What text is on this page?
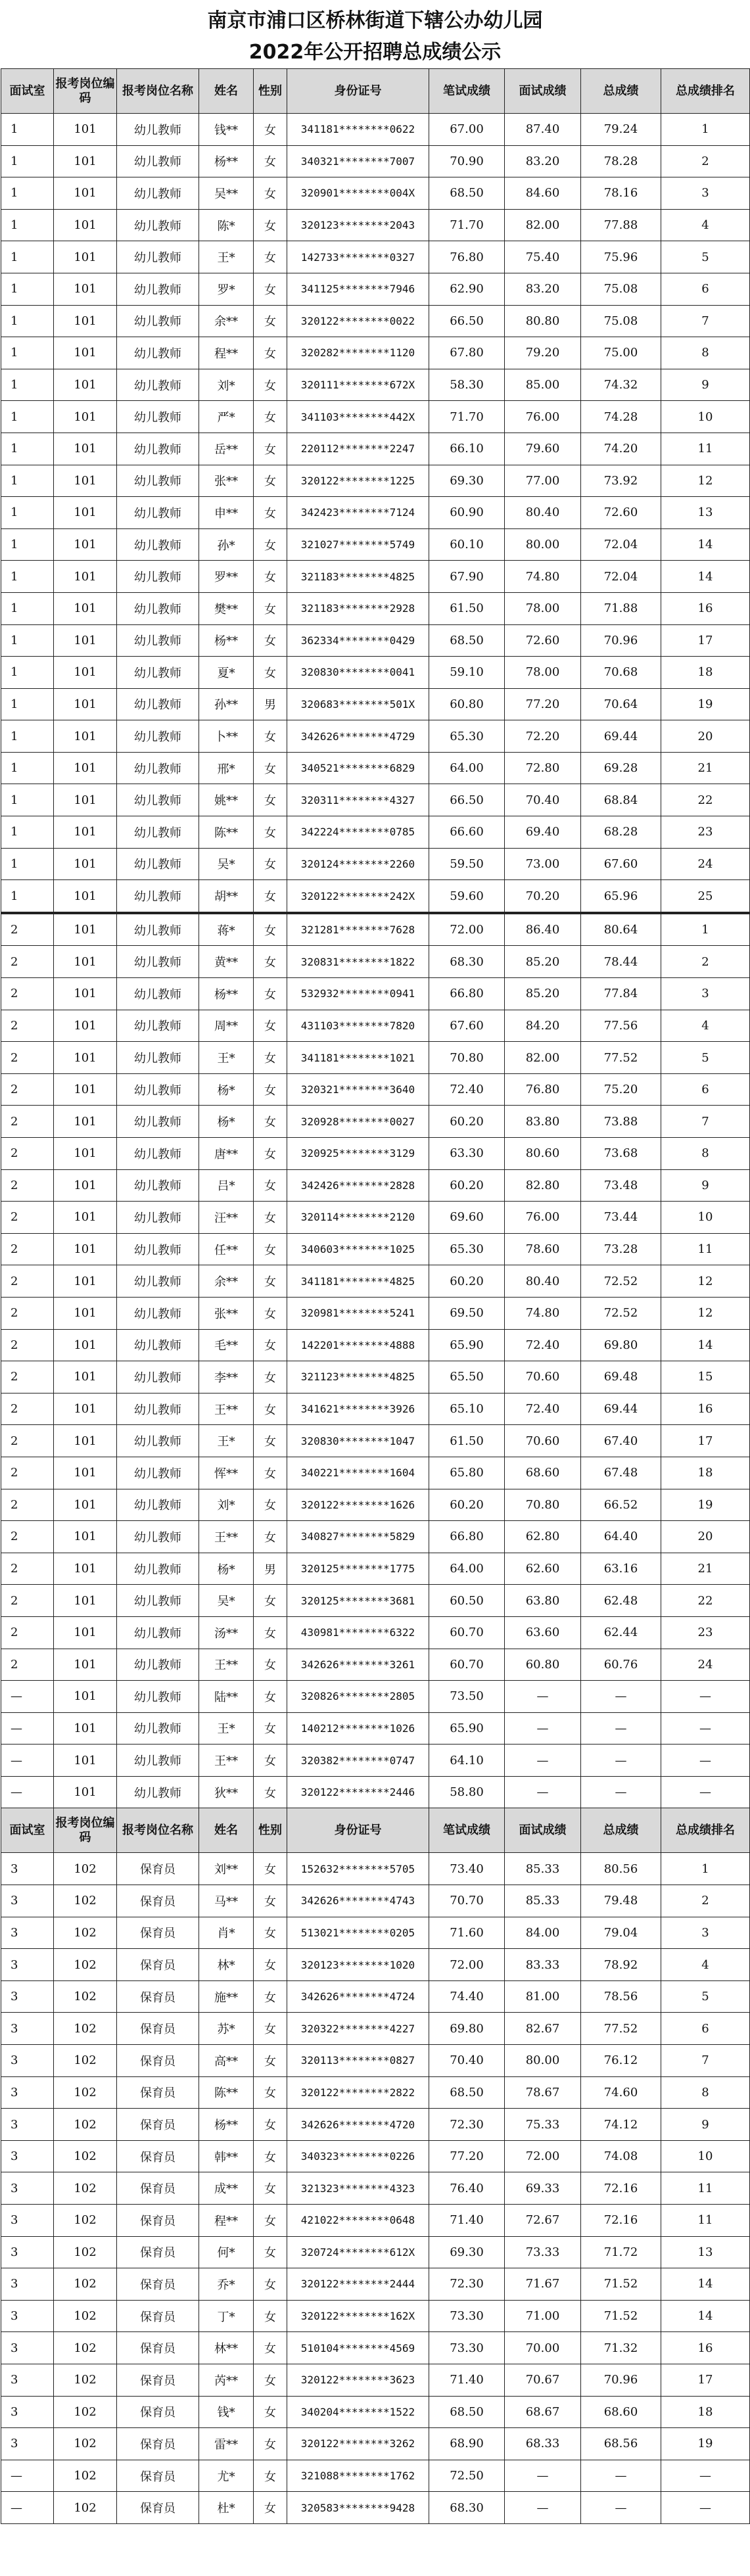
南京市浦口区桥林街道下辖公办幼儿园
2022年公开招聘总成绩公示
面试室	报考岗位编码	报考岗位名称	姓名	性别	身份证号	笔试成绩	面试成绩	总成绩	总成绩排名
1	101	幼儿教师	钱**	女	341181********0622	67.00	87.40	79.24	1
1	101	幼儿教师	杨**	女	340321********7007	70.90	83.20	78.28	2
1	101	幼儿教师	吴**	女	320901********004X	68.50	84.60	78.16	3
1	101	幼儿教师	陈*	女	320123********2043	71.70	82.00	77.88	4
1	101	幼儿教师	王*	女	142733********0327	76.80	75.40	75.96	5
1	101	幼儿教师	罗*	女	341125********7946	62.90	83.20	75.08	6
1	101	幼儿教师	余**	女	320122********0022	66.50	80.80	75.08	7
1	101	幼儿教师	程**	女	320282********1120	67.80	79.20	75.00	8
1	101	幼儿教师	刘*	女	320111********672X	58.30	85.00	74.32	9
1	101	幼儿教师	严*	女	341103********442X	71.70	76.00	74.28	10
1	101	幼儿教师	岳**	女	220112********2247	66.10	79.60	74.20	11
1	101	幼儿教师	张**	女	320122********1225	69.30	77.00	73.92	12
1	101	幼儿教师	申**	女	342423********7124	60.90	80.40	72.60	13
1	101	幼儿教师	孙*	女	321027********5749	60.10	80.00	72.04	14
1	101	幼儿教师	罗**	女	321183********4825	67.90	74.80	72.04	14
1	101	幼儿教师	樊**	女	321183********2928	61.50	78.00	71.88	16
1	101	幼儿教师	杨**	女	362334********0429	68.50	72.60	70.96	17
1	101	幼儿教师	夏*	女	320830********0041	59.10	78.00	70.68	18
1	101	幼儿教师	孙**	男	320683********501X	60.80	77.20	70.64	19
1	101	幼儿教师	卜**	女	342626********4729	65.30	72.20	69.44	20
1	101	幼儿教师	邢*	女	340521********6829	64.00	72.80	69.28	21
1	101	幼儿教师	姚**	女	320311********4327	66.50	70.40	68.84	22
1	101	幼儿教师	陈**	女	342224********0785	66.60	69.40	68.28	23
1	101	幼儿教师	吴*	女	320124********2260	59.50	73.00	67.60	24
1	101	幼儿教师	胡**	女	320122********242X	59.60	70.20	65.96	25
2	101	幼儿教师	蒋*	女	321281********7628	72.00	86.40	80.64	1
2	101	幼儿教师	黄**	女	320831********1822	68.30	85.20	78.44	2
2	101	幼儿教师	杨**	女	532932********0941	66.80	85.20	77.84	3
2	101	幼儿教师	周**	女	431103********7820	67.60	84.20	77.56	4
2	101	幼儿教师	王*	女	341181********1021	70.80	82.00	77.52	5
2	101	幼儿教师	杨*	女	320321********3640	72.40	76.80	75.20	6
2	101	幼儿教师	杨*	女	320928********0027	60.20	83.80	73.88	7
2	101	幼儿教师	唐**	女	320925********3129	63.30	80.60	73.68	8
2	101	幼儿教师	吕*	女	342426********2828	60.20	82.80	73.48	9
2	101	幼儿教师	汪**	女	320114********2120	69.60	76.00	73.44	10
2	101	幼儿教师	任**	女	340603********1025	65.30	78.60	73.28	11
2	101	幼儿教师	余**	女	341181********4825	60.20	80.40	72.52	12
2	101	幼儿教师	张**	女	320981********5241	69.50	74.80	72.52	12
2	101	幼儿教师	毛**	女	142201********4888	65.90	72.40	69.80	14
2	101	幼儿教师	李**	女	321123********4825	65.50	70.60	69.48	15
2	101	幼儿教师	王**	女	341621********3926	65.10	72.40	69.44	16
2	101	幼儿教师	王*	女	320830********1047	61.50	70.60	67.40	17
2	101	幼儿教师	恽**	女	340221********1604	65.80	68.60	67.48	18
2	101	幼儿教师	刘*	女	320122********1626	60.20	70.80	66.52	19
2	101	幼儿教师	王**	女	340827********5829	66.80	62.80	64.40	20
2	101	幼儿教师	杨*	男	320125********1775	64.00	62.60	63.16	21
2	101	幼儿教师	吴*	女	320125********3681	60.50	63.80	62.48	22
2	101	幼儿教师	汤**	女	430981********6322	60.70	63.60	62.44	23
2	101	幼儿教师	王**	女	342626********3261	60.70	60.80	60.76	24
—	101	幼儿教师	陆**	女	320826********2805	73.50	—	—	—
—	101	幼儿教师	王*	女	140212********1026	65.90	—	—	—
—	101	幼儿教师	王**	女	320382********0747	64.10	—	—	—
—	101	幼儿教师	狄**	女	320122********2446	58.80	—	—	—
面试室	报考岗位编码	报考岗位名称	姓名	性别	身份证号	笔试成绩	面试成绩	总成绩	总成绩排名
3	102	保育员	刘**	女	152632********5705	73.40	85.33	80.56	1
3	102	保育员	马**	女	342626********4743	70.70	85.33	79.48	2
3	102	保育员	肖*	女	513021********0205	71.60	84.00	79.04	3
3	102	保育员	林*	女	320123********1020	72.00	83.33	78.92	4
3	102	保育员	施**	女	342626********4724	74.40	81.00	78.56	5
3	102	保育员	苏*	女	320322********4227	69.80	82.67	77.52	6
3	102	保育员	高**	女	320113********0827	70.40	80.00	76.12	7
3	102	保育员	陈**	女	320122********2822	68.50	78.67	74.60	8
3	102	保育员	杨**	女	342626********4720	72.30	75.33	74.12	9
3	102	保育员	韩**	女	340323********0226	77.20	72.00	74.08	10
3	102	保育员	成**	女	321323********4323	76.40	69.33	72.16	11
3	102	保育员	程**	女	421022********0648	71.40	72.67	72.16	11
3	102	保育员	何*	女	320724********612X	69.30	73.33	71.72	13
3	102	保育员	乔*	女	320122********2444	72.30	71.67	71.52	14
3	102	保育员	丁*	女	320122********162X	73.30	71.00	71.52	14
3	102	保育员	林**	女	510104********4569	73.30	70.00	71.32	16
3	102	保育员	芮**	女	320122********3623	71.40	70.67	70.96	17
3	102	保育员	钱*	女	340204********1522	68.50	68.67	68.60	18
3	102	保育员	雷**	女	320122********3262	68.90	68.33	68.56	19
—	102	保育员	尤*	女	321088********1762	72.50	—	—	—
—	102	保育员	杜*	女	320583********9428	68.30	—	—	—
